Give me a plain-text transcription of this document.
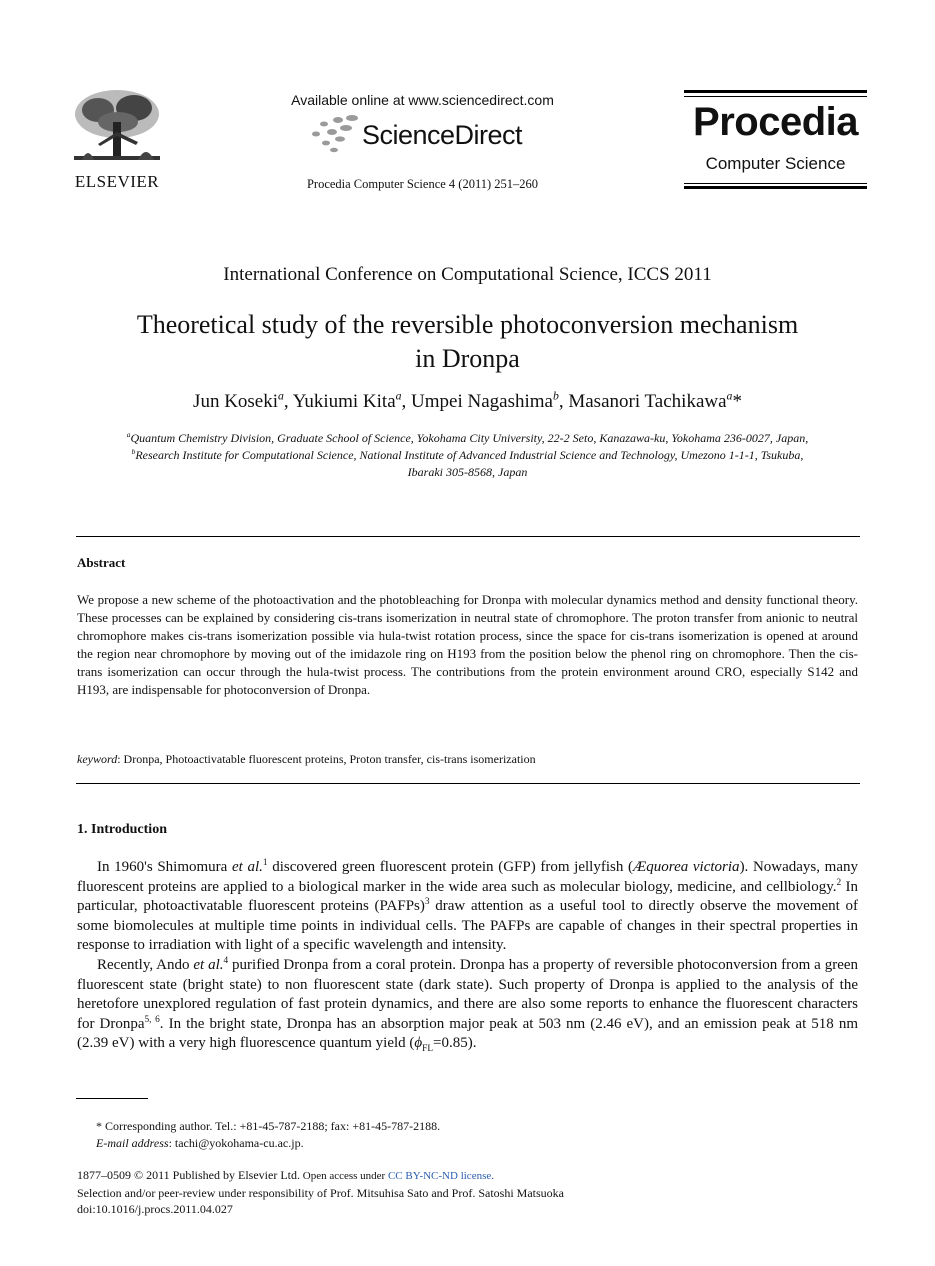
ELSEVIER
Available online at www.sciencedirect.com
ScienceDirect
Procedia Computer Science 4 (2011) 251–260
Procedia
Computer Science
International Conference on Computational Science, ICCS 2011
Theoretical study of the reversible photoconversion mechanism
in Dronpa
Jun Koseki$^a$, Yukiumi Kita$^a$, Umpei Nagashima$^b$, Masanori Tachikawa$^a$*
$^a$Quantum Chemistry Division, Graduate School of Science, Yokohama City University, 22-2 Seto, Kanazawa-ku, Yokohama 236-0027, Japan,
$^b$Research Institute for Computational Science, National Institute of Advanced Industrial Science and Technology, Umezono 1-1-1, Tsukuba,
Ibaraki 305-8568, Japan
Abstract
We propose a new scheme of the photoactivation and the photobleaching for Dronpa with molecular dynamics method and density functional theory. These processes can be explained by considering cis-trans isomerization in neutral state of chromophore. The proton transfer from anionic to neutral chromophore makes cis-trans isomerization possible via hula-twist rotation process, since the space for cis-trans isomerization is opened at around the region near chromophore by moving out of the imidazole ring on H193 from the position below the phenol ring on chromophore. Then the cis-trans isomerization can occur through the hula-twist process. The contributions from the protein environment around CRO, especially S142 and H193, are indispensable for photoconversion of Dronpa.
keyword: Dronpa, Photoactivatable fluorescent proteins, Proton transfer, cis-trans isomerization
1. Introduction

In 1960's Shimomura et al.$^1$ discovered green fluorescent protein (GFP) from jellyfish (Æquorea victoria). Nowadays, many fluorescent proteins are applied to a biological marker in the wide area such as molecular biology, medicine, and cellbiology.$^2$ In particular, photoactivatable fluorescent proteins (PAFPs)$^3$ draw attention as a useful tool to directly observe the movement of some biomolecules at multiple time points in individual cells. The PAFPs are capable of changes in their spectral properties in response to irradiation with light of a specific wavelength and intensity.

Recently, Ando et al.$^4$ purified Dronpa from a coral protein. Dronpa has a property of reversible photoconversion from a green fluorescent state (bright state) to non fluorescent state (dark state). Such property of Dronpa is applied to the analysis of the heretofore unexplored regulation of fast protein dynamics, and there are also some reports to enhance the fluorescent characters for Dronpa$^{5, 6}$. In the bright state, Dronpa has an absorption major peak at 503 nm (2.46 eV), and an emission peak at 518 nm (2.39 eV) with a very high fluorescence quantum yield $(\phi_{FL}=0.85)$.

* Corresponding author. Tel.: +81-45-787-2188; fax: +81-45-787-2188.
E-mail address: tachi@yokohama-cu.ac.jp.
1877–0509 © 2011 Published by Elsevier Ltd. Open access under CC BY-NC-ND license.
Selection and/or peer-review under responsibility of Prof. Mitsuhisa Sato and Prof. Satoshi Matsuoka
doi:10.1016/j.procs.2011.04.027
